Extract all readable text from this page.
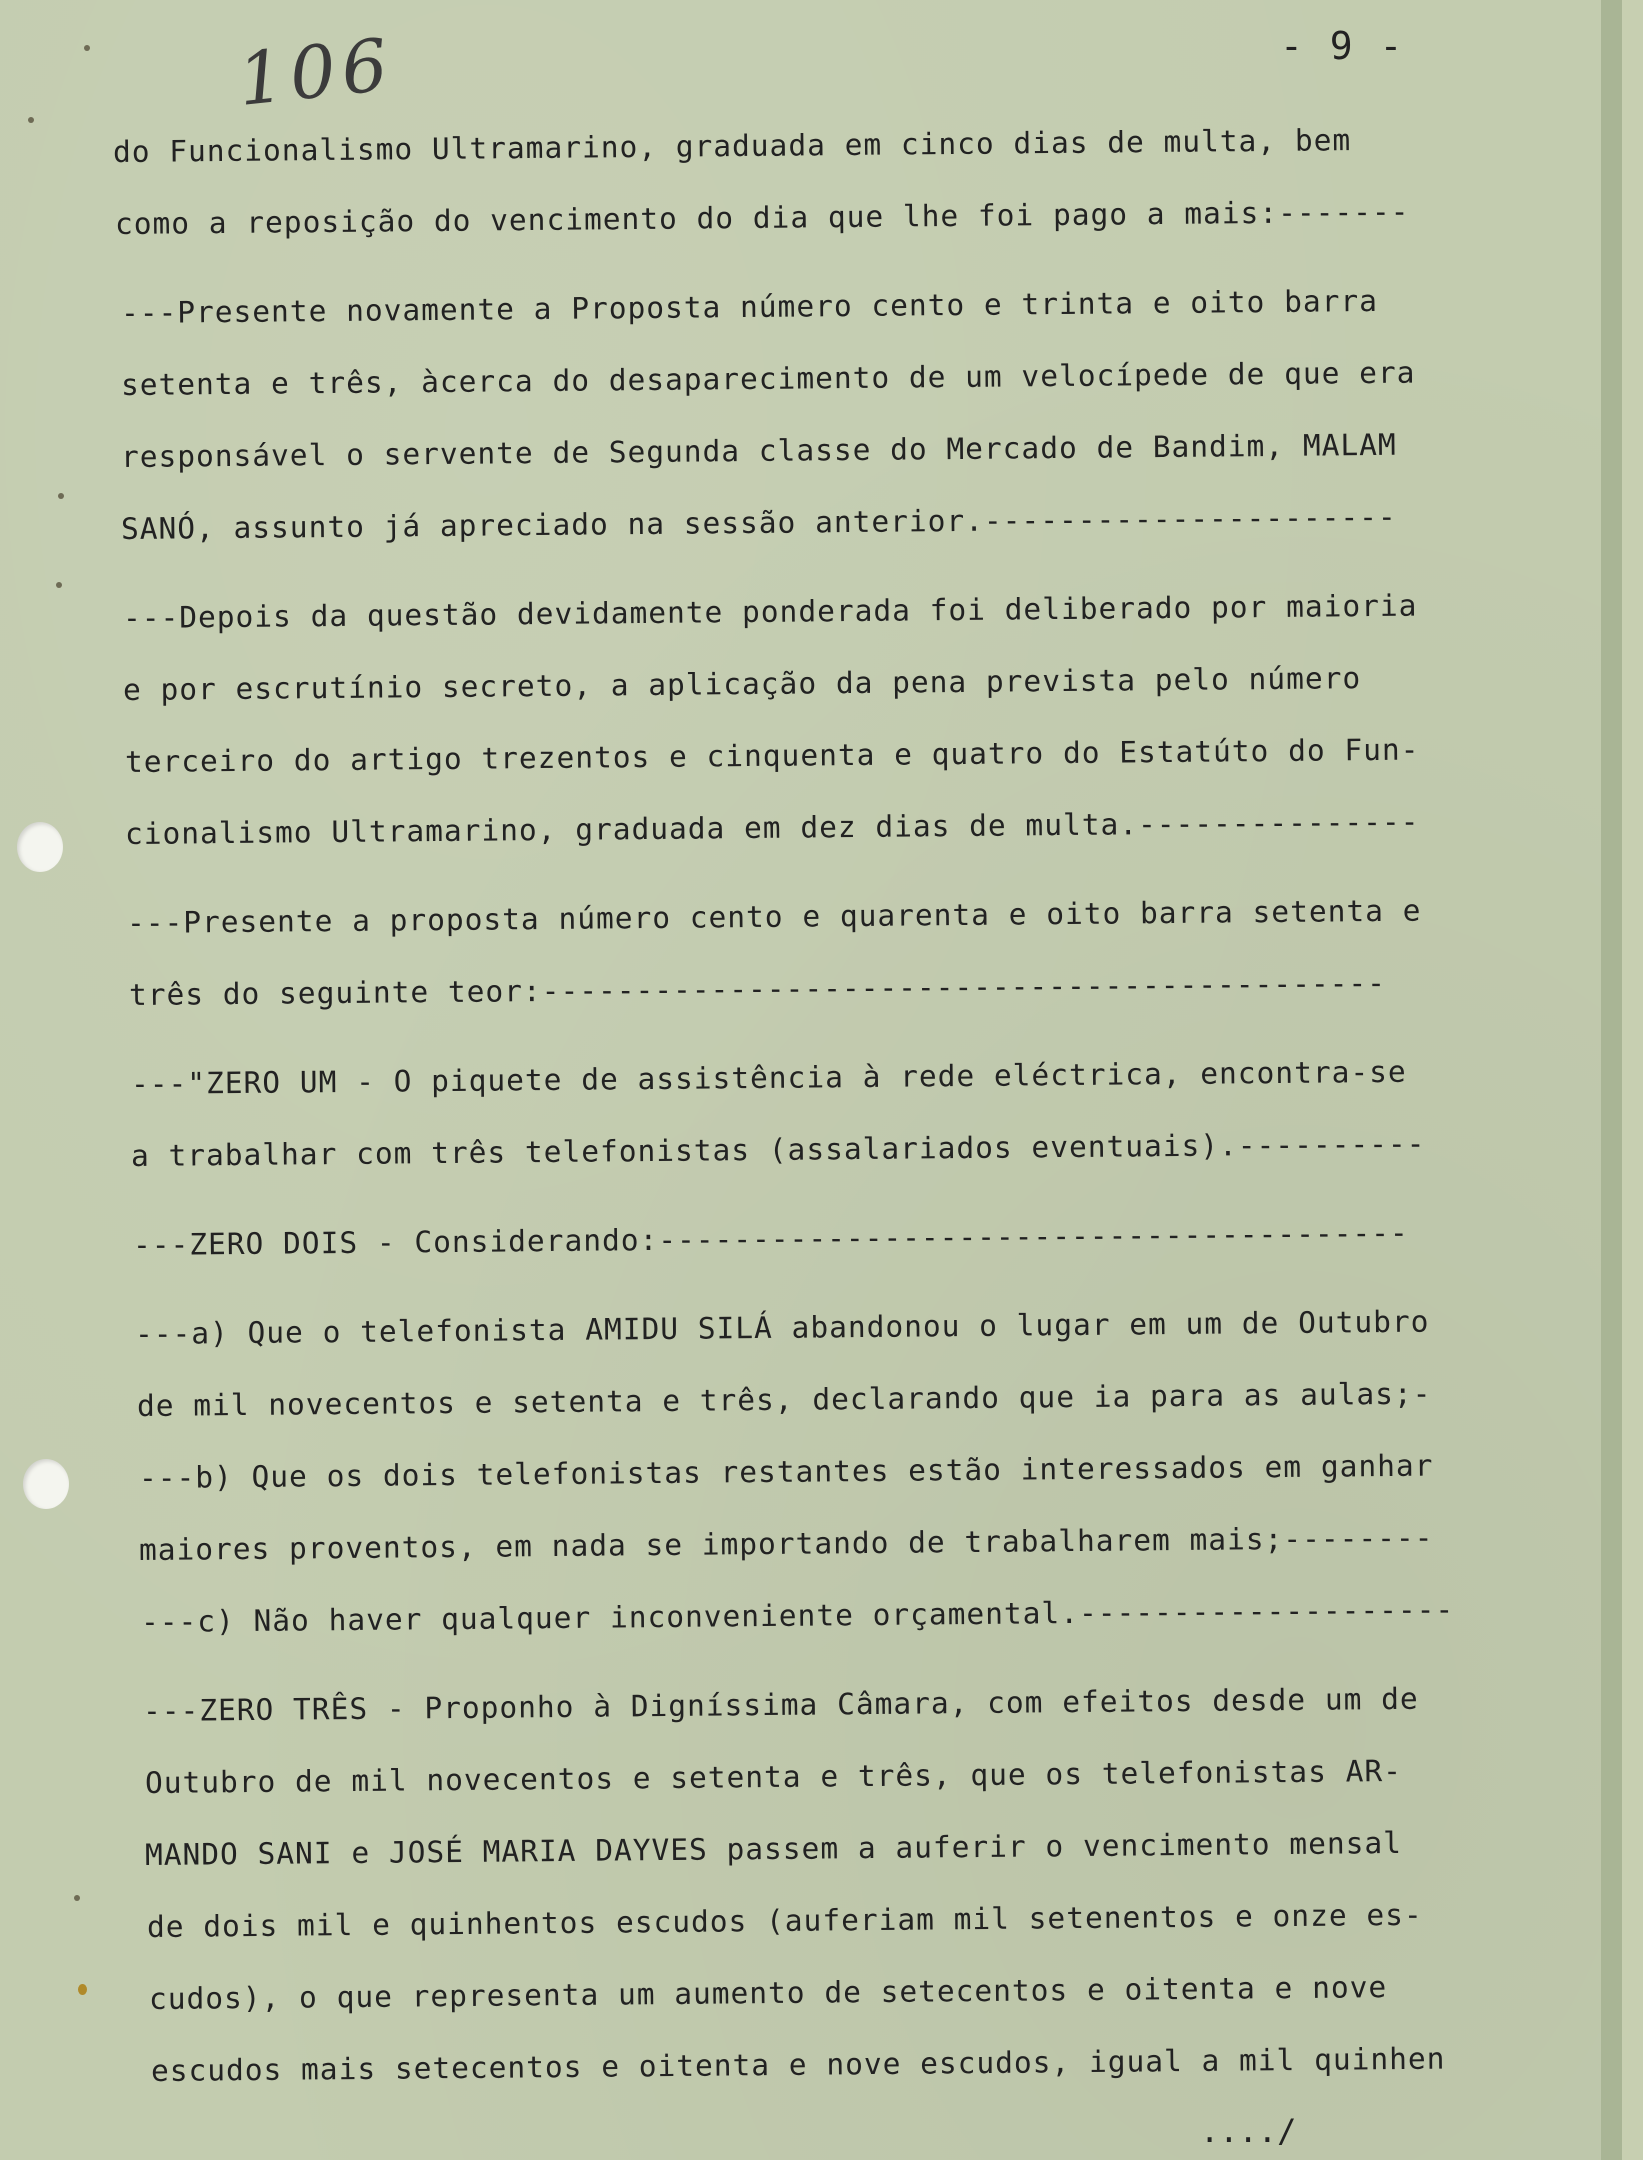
106	- 9 -
do Funcionalismo Ultramarino, graduada em cinco dias de multa, bem
como a reposição do vencimento do dia que lhe foi pago a mais:-------
---Presente novamente a Proposta número cento e trinta e oito barra
setenta e três, àcerca do desaparecimento de um velocípede de que era
responsável o servente de Segunda classe do Mercado de Bandim, MALAM
SANÓ, assunto já apreciado na sessão anterior.----------------------
---Depois da questão devidamente ponderada foi deliberado por maioria
e por escrutínio secreto, a aplicação da pena prevista pelo número
terceiro do artigo trezentos e cinquenta e quatro do Estatúto do Fun-
cionalismo Ultramarino, graduada em dez dias de multa.---------------
---Presente a proposta número cento e quarenta e oito barra setenta e
três do seguinte teor:---------------------------------------------
---"ZERO UM - O piquete de assistência à rede eléctrica, encontra-se
a trabalhar com três telefonistas (assalariados eventuais).----------
---ZERO DOIS - Considerando:----------------------------------------
---a) Que o telefonista AMIDU SILÁ abandonou o lugar em um de Outubro
de mil novecentos e setenta e três, declarando que ia para as aulas;-
---b) Que os dois telefonistas restantes estão interessados em ganhar
maiores proventos, em nada se importando de trabalharem mais;--------
---c) Não haver qualquer inconveniente orçamental.--------------------
---ZERO TRÊS - Proponho à Digníssima Câmara, com efeitos desde um de
Outubro de mil novecentos e setenta e três, que os telefonistas AR-
MANDO SANI e JOSÉ MARIA DAYVES passem a auferir o vencimento mensal
de dois mil e quinhentos escudos (auferiam mil setenentos e onze es-
cudos), o que representa um aumento de setecentos e oitenta e nove
escudos mais setecentos e oitenta e nove escudos, igual a mil quinhen
..../
